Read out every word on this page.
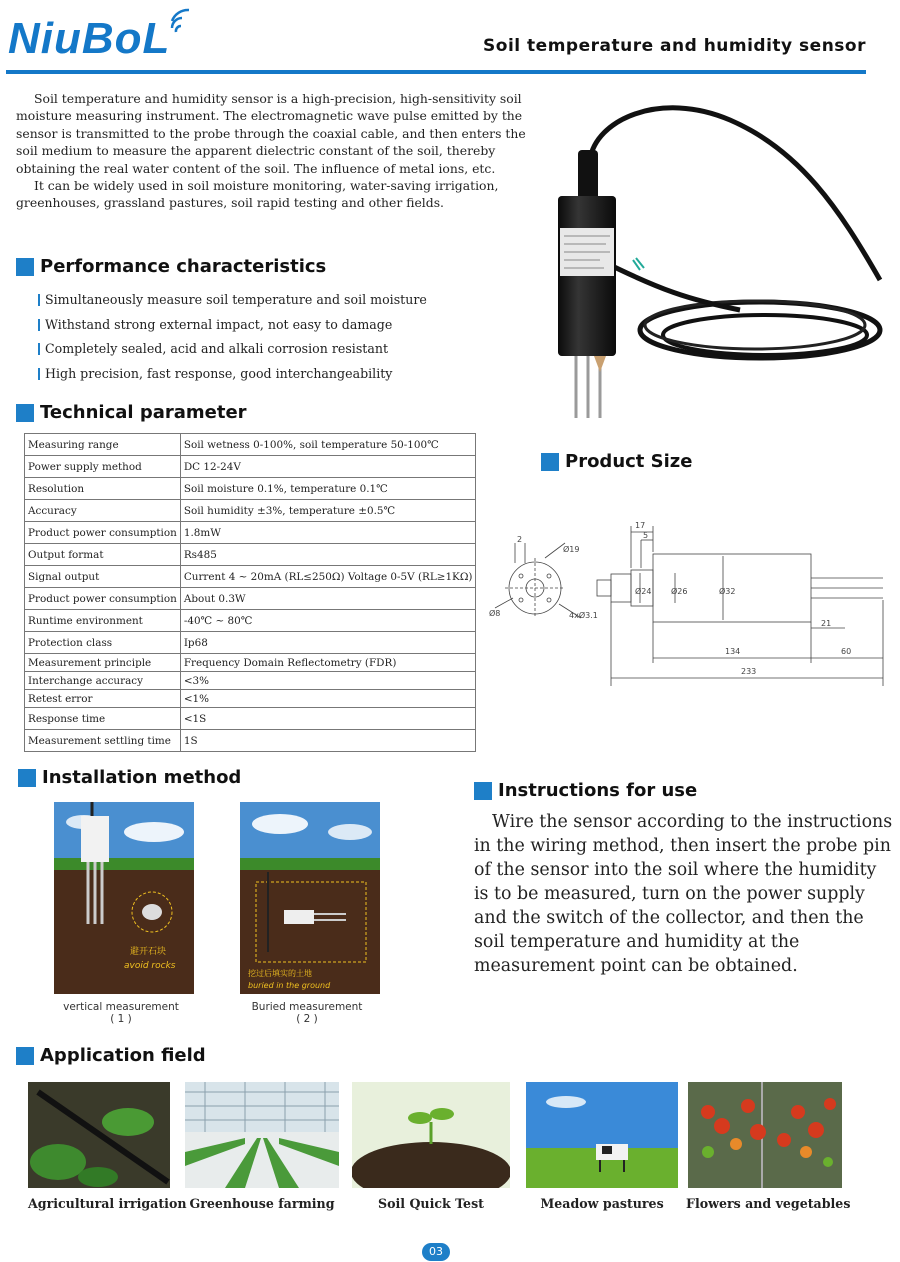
NiuBoL	Soil temperature and humidity sensor

Soil temperature and humidity sensor is a high-precision, high-sensitivity soil moisture measuring instrument. The electromagnetic wave pulse emitted by the sensor is transmitted to the probe through the coaxial cable, and then enters the soil medium to measure the apparent dielectric constant of the soil, thereby obtaining the real water content of the soil. The influence of metal ions, etc.

It can be widely used in soil moisture monitoring, water-saving irrigation, greenhouses, grassland pastures, soil rapid testing and other fields.

Performance characteristics
Simultaneously measure soil temperature and soil moisture
Withstand strong external impact, not easy to damage
Completely sealed, acid and alkali corrosion resistant
High precision, fast response, good interchangeability
Technical parameter
Measuring range	Soil wetness 0-100%, soil temperature 50-100℃
Power supply method	DC 12-24V
Resolution	Soil moisture 0.1%, temperature 0.1℃
Accuracy	Soil humidity ±3%, temperature ±0.5℃
Product power consumption	1.8mW
Output format	Rs485
Signal output	Current 4 ~ 20mA (RL≤250Ω) Voltage 0-5V (RL≥1KΩ)
Product power consumption	About 0.3W
Runtime environment	-40℃ ~ 80℃
Protection class	Ip68
Measurement principle	Frequency Domain Reflectometry (FDR)
Interchange accuracy	<3%
Retest error	<1%
Response time	<1S
Measurement settling time	1S
Product Size
17
5
2
Ø19
Ø8
Ø24 Ø26	Ø32
4xØ3.1
21
134	60
233
Installation method
避开石块
avoid rocks
vertical measurement
( 1 )
挖过后填实的土地
buried in the ground
Buried measurement
( 2 )
Instructions for use
Wire the sensor according to the instructions in the wiring method, then insert the probe pin of the sensor into the soil where the humidity is to be measured, turn on the power supply and the switch of the collector, and then the soil temperature and humidity at the measurement point can be obtained.
Application field
Agricultural irrigation Greenhouse farming	Soil Quick Test	Meadow pastures	Flowers and vegetables
03
